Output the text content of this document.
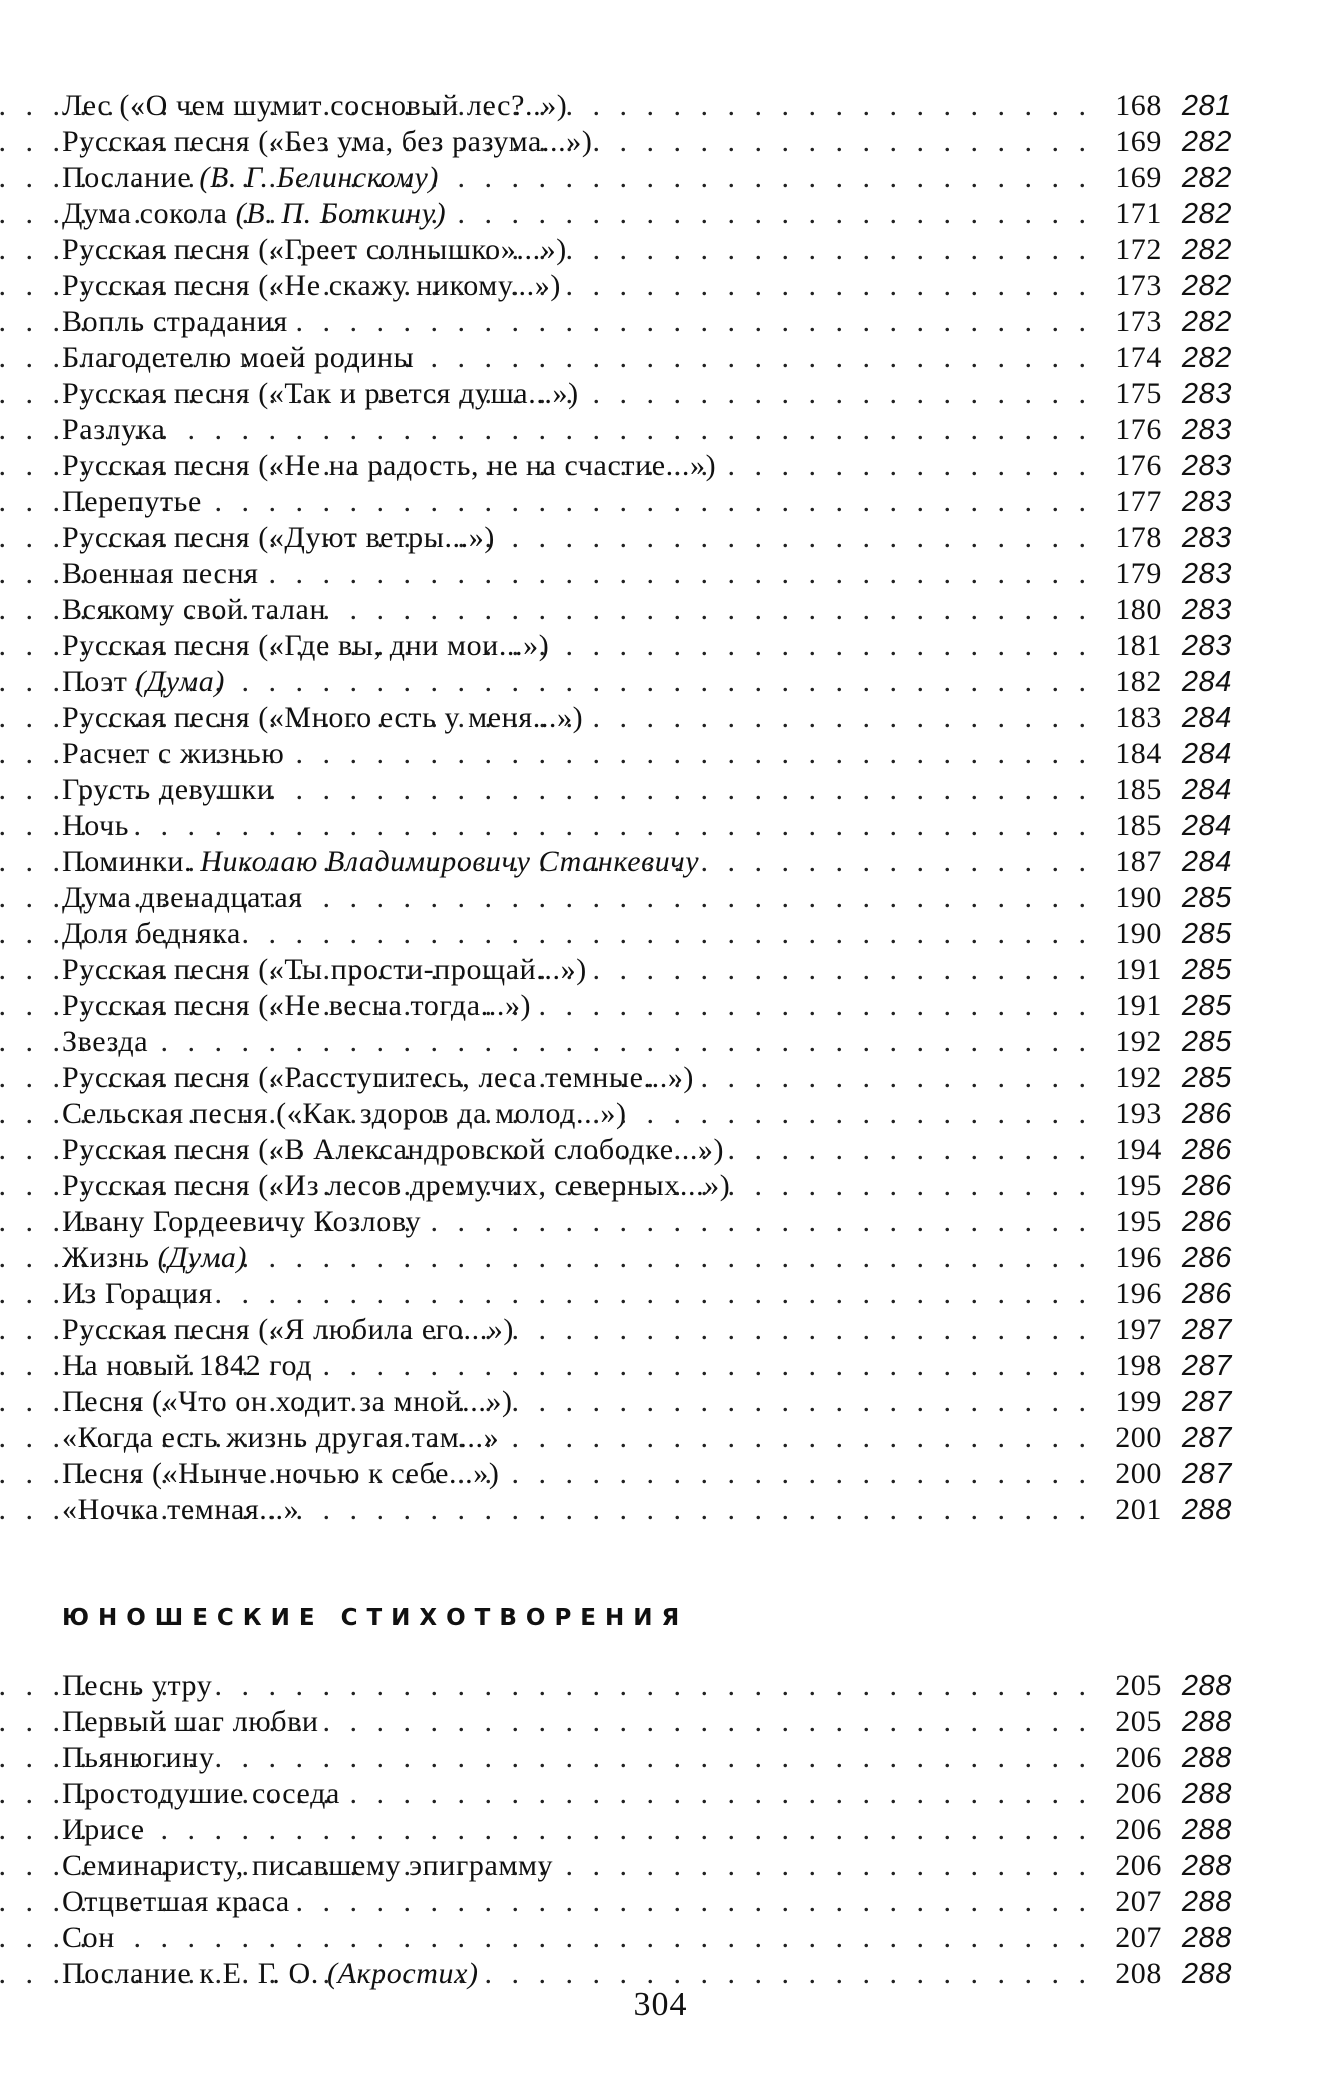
Лес («О чем шумит сосновый лес?..») . . .	168 281
Русская песня («Без ума, без разума...») . . .	169 282
Послание (В. Г. Белинскому) . . .	169 282
Дума сокола (В. П. Боткину) . . .	171 282
Русская песня («Греет солнышко»...») . . .	172 282
Русская песня («Не скажу никому...») . . .	173 282
Вопль страдания . . .	173 282
Благодетелю моей родины . . .	174 282
Русская песня («Так и рвется душа...») . . .	175 283
Разлука . . .	176 283
Русская песня («Не на радость, не на счастие...») . . .	176 283
Перепутье . . .	177 283
Русская песня («Дуют ветры...») . . .	178 283
Военная песня . . .	179 283
Всякому свой талан . . .	180 283
Русская песня («Где вы, дни мои...») . . .	181 283
Поэт (Дума) . . .	182 284
Русская песня («Много есть у меня...») . . .	183 284
Расчет с жизнью . . .	184 284
Грусть девушки . . .	185 284
Ночь . . .	185 284
Поминки. Николаю Владимировичу Станкевичу . . .	187 284
Дума двенадцатая . . .	190 285
Доля бедняка . . .	190 285
Русская песня («Ты прости-прощай...») . . .	191 285
Русская песня («Не весна тогда...») . . .	191 285
Звезда . . .	192 285
Русская песня («Расступитесь, леса темные...») . . .	192 285
Сельская песня («Как здоров да молод...») . . .	193 286
Русская песня («В Александровской слободке...») . . .	194 286
Русская песня («Из лесов дремучих, северных...») . . .	195 286
Ивану Гордеевичу Козлову . . .	195 286
Жизнь (Дума) . . .	196 286
Из Горация . . .	196 286
Русская песня («Я любила его...») . . .	197 287
На новый 1842 год . . .	198 287
Песня («Что он ходит за мной...») . . .	199 287
«Когда есть жизнь другая там...» . . .	200 287
Песня («Нынче ночью к себе...») . . .	200 287
«Ночка темная...» . . .	201 288
ЮНОШЕСКИЕ СТИХОТВОРЕНИЯ
Песнь утру . . .	205 288
Первый шаг любви . . .	205 288
Пьянюгину . . .	206 288
Простодушие соседа . . .	206 288
Ирисе . . .	206 288
Семинаристу, писавшему эпиграмму . . .	206 288
Отцветшая краса . . .	207 288
Сон . . .	207 288
Послание к Е. Г. О. (Акростих) . . .	208 288
304
